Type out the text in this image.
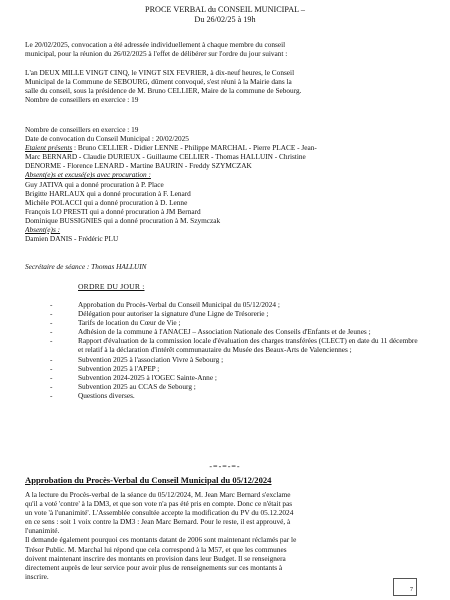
PROCE VERBAL du CONSEIL MUNICIPAL –
Du 26/02/25 à 19h
Le 20/02/2025, convocation a été adressée individuellement à chaque membre du conseil
municipal, pour la réunion du 26/02/2025 à l'effet de délibérer sur l'ordre du jour suivant :
L'an DEUX MILLE VINGT CINQ, le VINGT SIX FEVRIER, à dix-neuf heures, le Conseil
Municipal de la Commune de SEBOURG, dûment convoqué, s'est réuni à la Mairie dans la
salle du conseil, sous la présidence de M. Bruno CELLIER, Maire de la commune de Sebourg.
Nombre de conseillers en exercice : 19
Nombre de conseillers en exercice : 19
Date de convocation du Conseil Municipal : 20/02/2025
Etaient présents : Bruno CELLIER - Didier LENNE - Philippe MARCHAL - Pierre PLACE - Jean-
Marc BERNARD - Claudie DURIEUX - Guillaume CELLIER - Thomas HALLUIN - Christine
DENORME - Florence LENARD - Martine BAURIN - Freddy SZYMCZAK
Absent(e)s et excusé(e)s avec procuration :
Guy JATIVA qui a donné procuration à P. Place
Brigitte HARLAUX qui a donné procuration à F. Lenard
Michèle POLACCI qui a donné procuration à D. Lenne
François LO PRESTI qui a donné procuration à JM Bernard
Dominique BUSSIGNIES qui a donné procuration à M. Szymczak
Absent(e)s :
Damien DANIS - Frédéric PLU
Secrétaire de séance : Thomas HALLUIN
ORDRE DU JOUR :
-	Approbation du Procès-Verbal du Conseil Municipal du 05/12/2024 ;
-	Délégation pour autoriser la signature d'une Ligne de Trésorerie ;
-	Tarifs de location du Cœur de Vie ;
-	Adhésion de la commune à l'ANACEJ – Association Nationale des Conseils d'Enfants et de Jeunes ;
-	Rapport d'évaluation de la commission locale d'évaluation des charges transférées (CLECT) en date du 11 décembre et relatif à la déclaration d'intérêt communautaire du Musée des Beaux-Arts de Valenciennes ;
-	Subvention 2025 à l'association Vivre à Sebourg ;
-	Subvention 2025 à l'APEP ;
-	Subvention 2024-2025 à l'OGEC Sainte-Anne ;
-	Subvention 2025 au CCAS de Sebourg ;
-	Questions diverses.
-=-=-=-
Approbation du Procès-Verbal du Conseil Municipal du 05/12/2024
A la lecture du Procès-verbal de la séance du 05/12/2024, M. Jean Marc Bernard s'exclame
qu'il a voté 'contre' à la DM3, et que son vote n'a pas été pris en compte. Donc ce n'était pas
un vote 'à l'unanimité'. L'Assemblée consultée accepte la modification du PV du 05.12.2024
en ce sens : soit 1 voix contre la DM3 : Jean Marc Bernard. Pour le reste, il est approuvé, à
l'unanimité.
Il demande également pourquoi ces montants datant de 2006 sont maintenant réclamés par le
Trésor Public. M. Marchal lui répond que cela correspond à la M57, et que les communes
doivent maintenant inscrire des montants en provision dans leur Budget. Il se renseignera
directement auprès de leur service pour avoir plus de renseignements sur ces montants à
inscrire.
7
